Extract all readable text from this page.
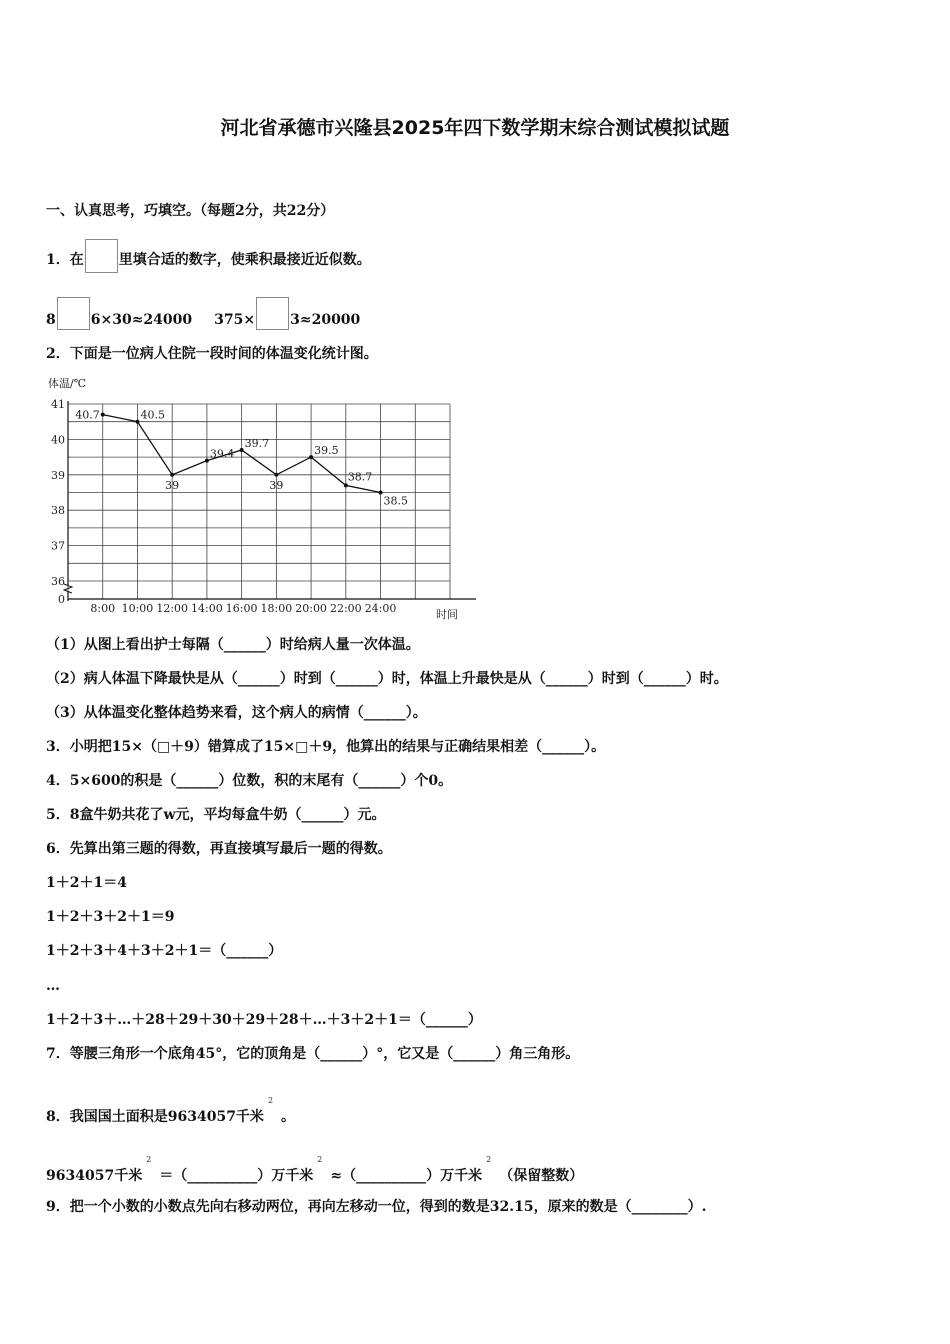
河北省承德市兴隆县2025年四下数学期末综合测试模拟试题
一、认真思考，巧填空。（每题2分，共22分）
1．在	里填合适的数字，使乘积最接近近似数。
8	6×30≈24000 375×	3≈20000
2．下面是一位病人住院一段时间的体温变化统计图。
体温/℃
时间
41
40
39
38
37
36
0
8:00 10:00 12:00 14:00 16:00 18:00 20:00 22:00 24:00
40.7	40.5
39
39.4
39.7
39
39.5
38.7
38.5
（1）从图上看出护士每隔（______）时给病人量一次体温。
（2）病人体温下降最快是从（______）时到（______）时，体温上升最快是从（______）时到（______）时。
（3）从体温变化整体趋势来看，这个病人的病情（______）。
3．小明把15×（□＋9）错算成了15×□＋9，他算出的结果与正确结果相差（______）。
4．5×600的积是（______）位数，积的末尾有（______）个0。
5．8盒牛奶共花了w元，平均每盒牛奶（______）元。
6．先算出第三题的得数，再直接填写最后一题的得数。
1＋2＋1＝4
1＋2＋3＋2＋1＝9
1＋2＋3＋4＋3＋2＋1＝（______）
…
1＋2＋3＋…＋28＋29＋30＋29＋28＋…＋3＋2＋1＝（______）
7．等腰三角形一个底角45°，它的顶角是（______）°，它又是（______）角三角形。
8．我国国土面积是9634057千米$^2$。
9634057千米$^2$＝（__________）万千米$^2$≈（__________）万千米$^2$（保留整数）
9．把一个小数的小数点先向右移动两位，再向左移动一位，得到的数是32.15，原来的数是（________）.
